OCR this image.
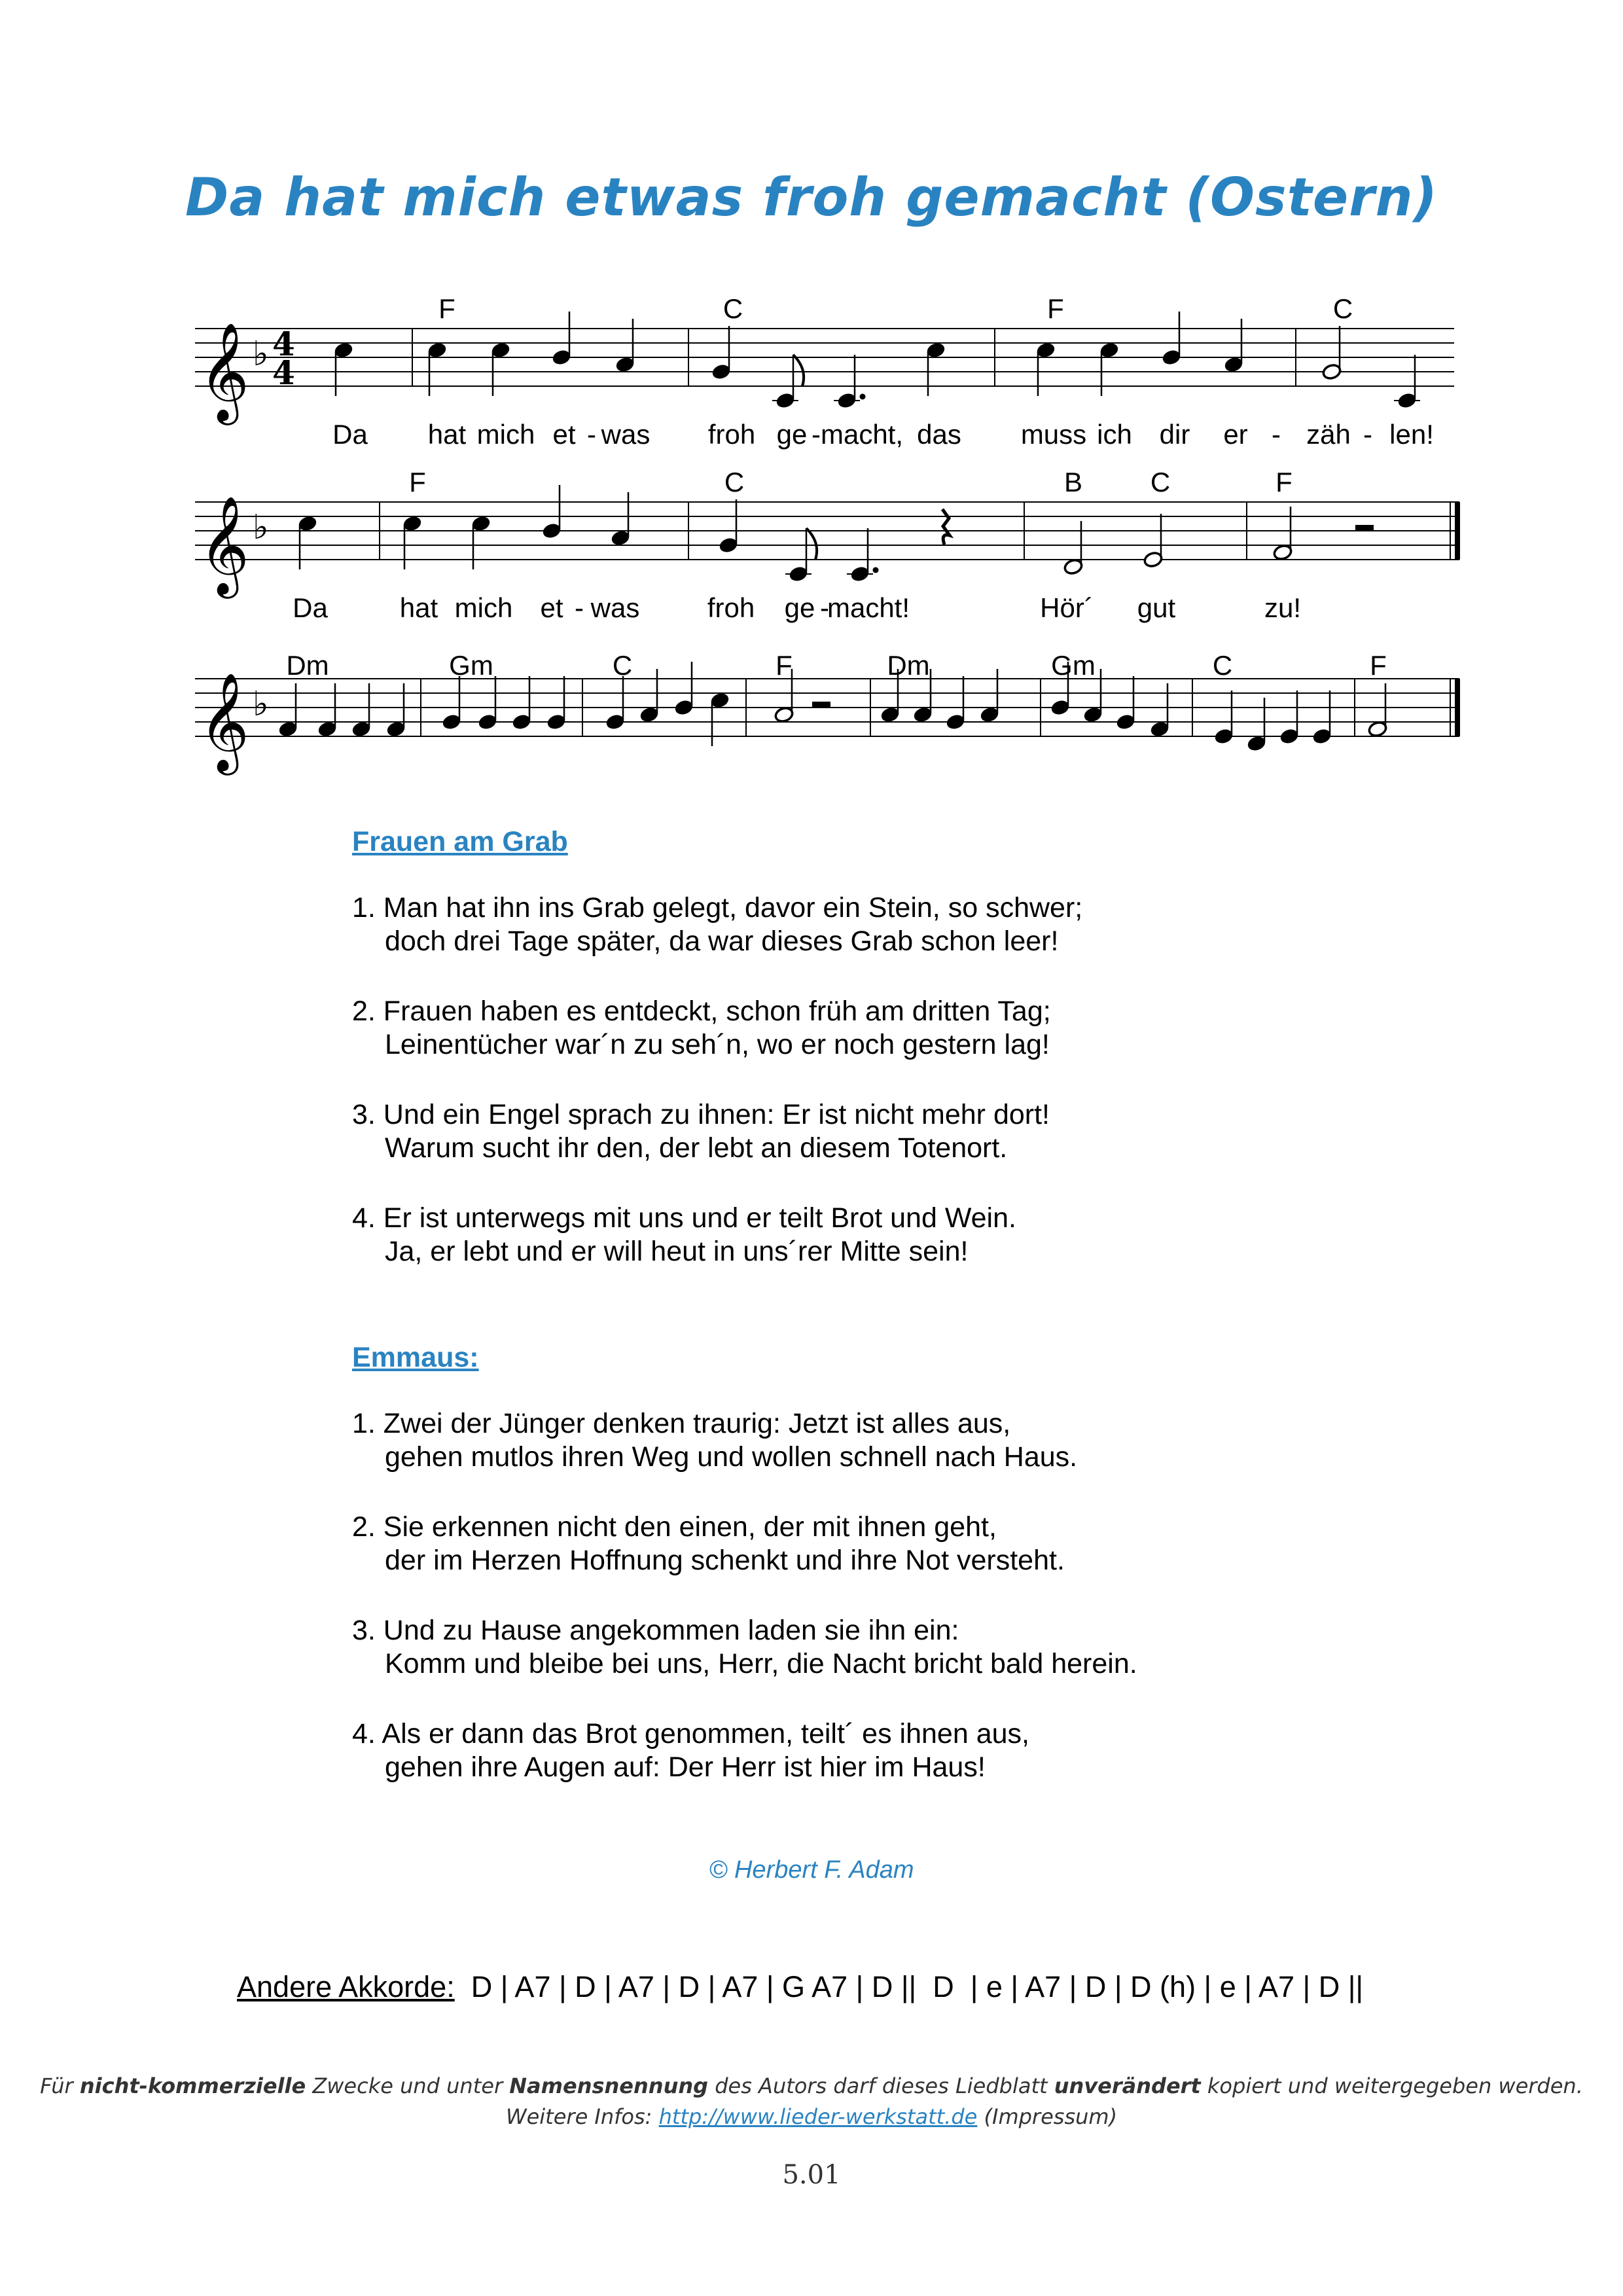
Da hat mich etwas froh gemacht (Ostern)
𝄞 ♭ 4
4
F	C	F	C
Da hat mich et - was froh ge - macht, das muss ich dir er - zäh - len!
𝄞 ♭
F	C	B C	F
Da	hat mich et - was froh ge -
macht!	Hör´ gut	zu!
𝄞 ♭
Dm	Gm	C	F	Dm	Gm	C	F
Frauen am Grab
1. Man hat ihn ins Grab gelegt, davor ein Stein, so schwer;
doch drei Tage später, da war dieses Grab schon leer!
2. Frauen haben es entdeckt, schon früh am dritten Tag;
Leinentücher war´n zu seh´n, wo er noch gestern lag!
3. Und ein Engel sprach zu ihnen: Er ist nicht mehr dort!
Warum sucht ihr den, der lebt an diesem Totenort.
4. Er ist unterwegs mit uns und er teilt Brot und Wein.
Ja, er lebt und er will heut in uns´rer Mitte sein!
Emmaus:
1. Zwei der Jünger denken traurig: Jetzt ist alles aus,
gehen mutlos ihren Weg und wollen schnell nach Haus.
2. Sie erkennen nicht den einen, der mit ihnen geht,
der im Herzen Hoffnung schenkt und ihre Not versteht.
3. Und zu Hause angekommen laden sie ihn ein:
Komm und bleibe bei uns, Herr, die Nacht bricht bald herein.
4. Als er dann das Brot genommen, teilt´ es ihnen aus,
gehen ihre Augen auf: Der Herr ist hier im Haus!
© Herbert F. Adam
Andere Akkorde:  D | A7 | D | A7 | D | A7 | G A7 | D ||  D  | e | A7 | D | D (h) | e | A7 | D ||
Für nicht-kommerzielle Zwecke und unter Namensnennung des Autors darf dieses Liedblatt unverändert kopiert und weitergegeben werden.
Weitere Infos: http://www.lieder-werkstatt.de (Impressum)
5.01
